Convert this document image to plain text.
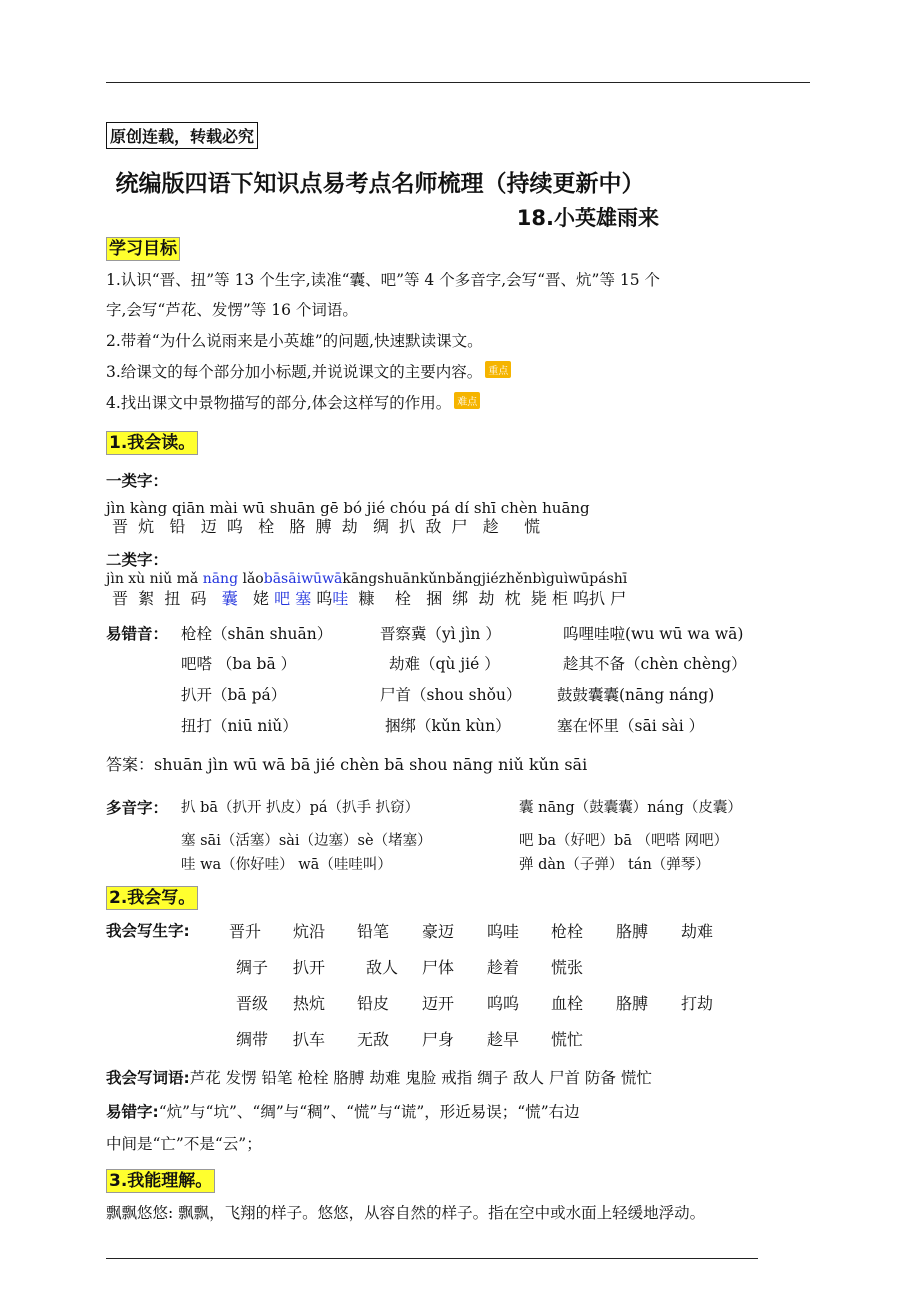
原创连载，转载必究
统编版四语下知识点易考点名师梳理（持续更新中）
18.小英雄雨来
学习目标
1.认识“晋、扭”等 13 个生字,读准“囊、吧”等 4 个多音字,会写“晋、炕”等 15 个
字,会写“芦花、发愣”等 16 个词语。
2.带着“为什么说雨来是小英雄”的问题,快速默读课文。
3.给课文的每个部分加小标题,并说说课文的主要内容。 重点
4.找出课文中景物描写的部分,体会这样写的作用。 难点
1.我会读。
一类字：
jìn kàng qiān mài wū shuān gē bó jié chóu pá dí shī chèn huāng
晋  炕   铅   迈  呜   栓   胳  膊  劫   绸  扒  敌  尸   趁     慌
二类字：
jìn xù niǔ mǎ nāng lǎobāsāiwūwākāngshuānkǔnbǎngjiézhěnbìguìwūpáshī
晋  絮  扭  码   囊   姥 吧 塞 呜哇  糠    栓   捆  绑  劫  枕  毙 柜 呜扒 尸
易错音： 枪栓（shān shuān）	晋察冀（yì jìn ）	呜哩哇啦(wu wū wa wā)
吧嗒 （ba bā ）	劫难（qù jié ）	趁其不备（chèn chèng）
扒开（bā pá）	尸首（shou shǒu） 鼓鼓囊囊(nāng náng)
扭打（niū niǔ）	捆绑（kǔn kùn）	塞在怀里（sāi sài ）
答案：shuān jìn wū wā bā jié chèn bā shou nāng niǔ kǔn sāi
多音字： 扒 bā（扒开 扒皮）pá（扒手 扒窃）	囊 nāng（鼓囊囊）náng（皮囊）
塞 sāi（活塞）sài（边塞）sè（堵塞）	吧 ba（好吧）bā （吧嗒 网吧）
哇 wa（你好哇） wā（哇哇叫）	弹 dàn（子弹） tán（弹琴）
2.我会写。
我会写生字: 晋升 炕沿 铅笔 豪迈 呜哇 枪栓 胳膊 劫难
绸子 扒开	敌人 尸体 趁着 慌张
晋级 热炕 铅皮 迈开 呜呜 血栓 胳膊 打劫
绸带 扒车 无敌 尸身 趁早 慌忙
我会写词语:芦花 发愣 铅笔 枪栓 胳膊 劫难 鬼脸 戒指 绸子 敌人 尸首 防备 慌忙
易错字:“炕”与“坑”、“绸”与“稠”、“慌”与“谎”，形近易误；“慌”右边
中间是“亡”不是“云”；
3.我能理解。
飘飘悠悠: 飘飘，飞翔的样子。悠悠，从容自然的样子。指在空中或水面上轻缓地浮动。
